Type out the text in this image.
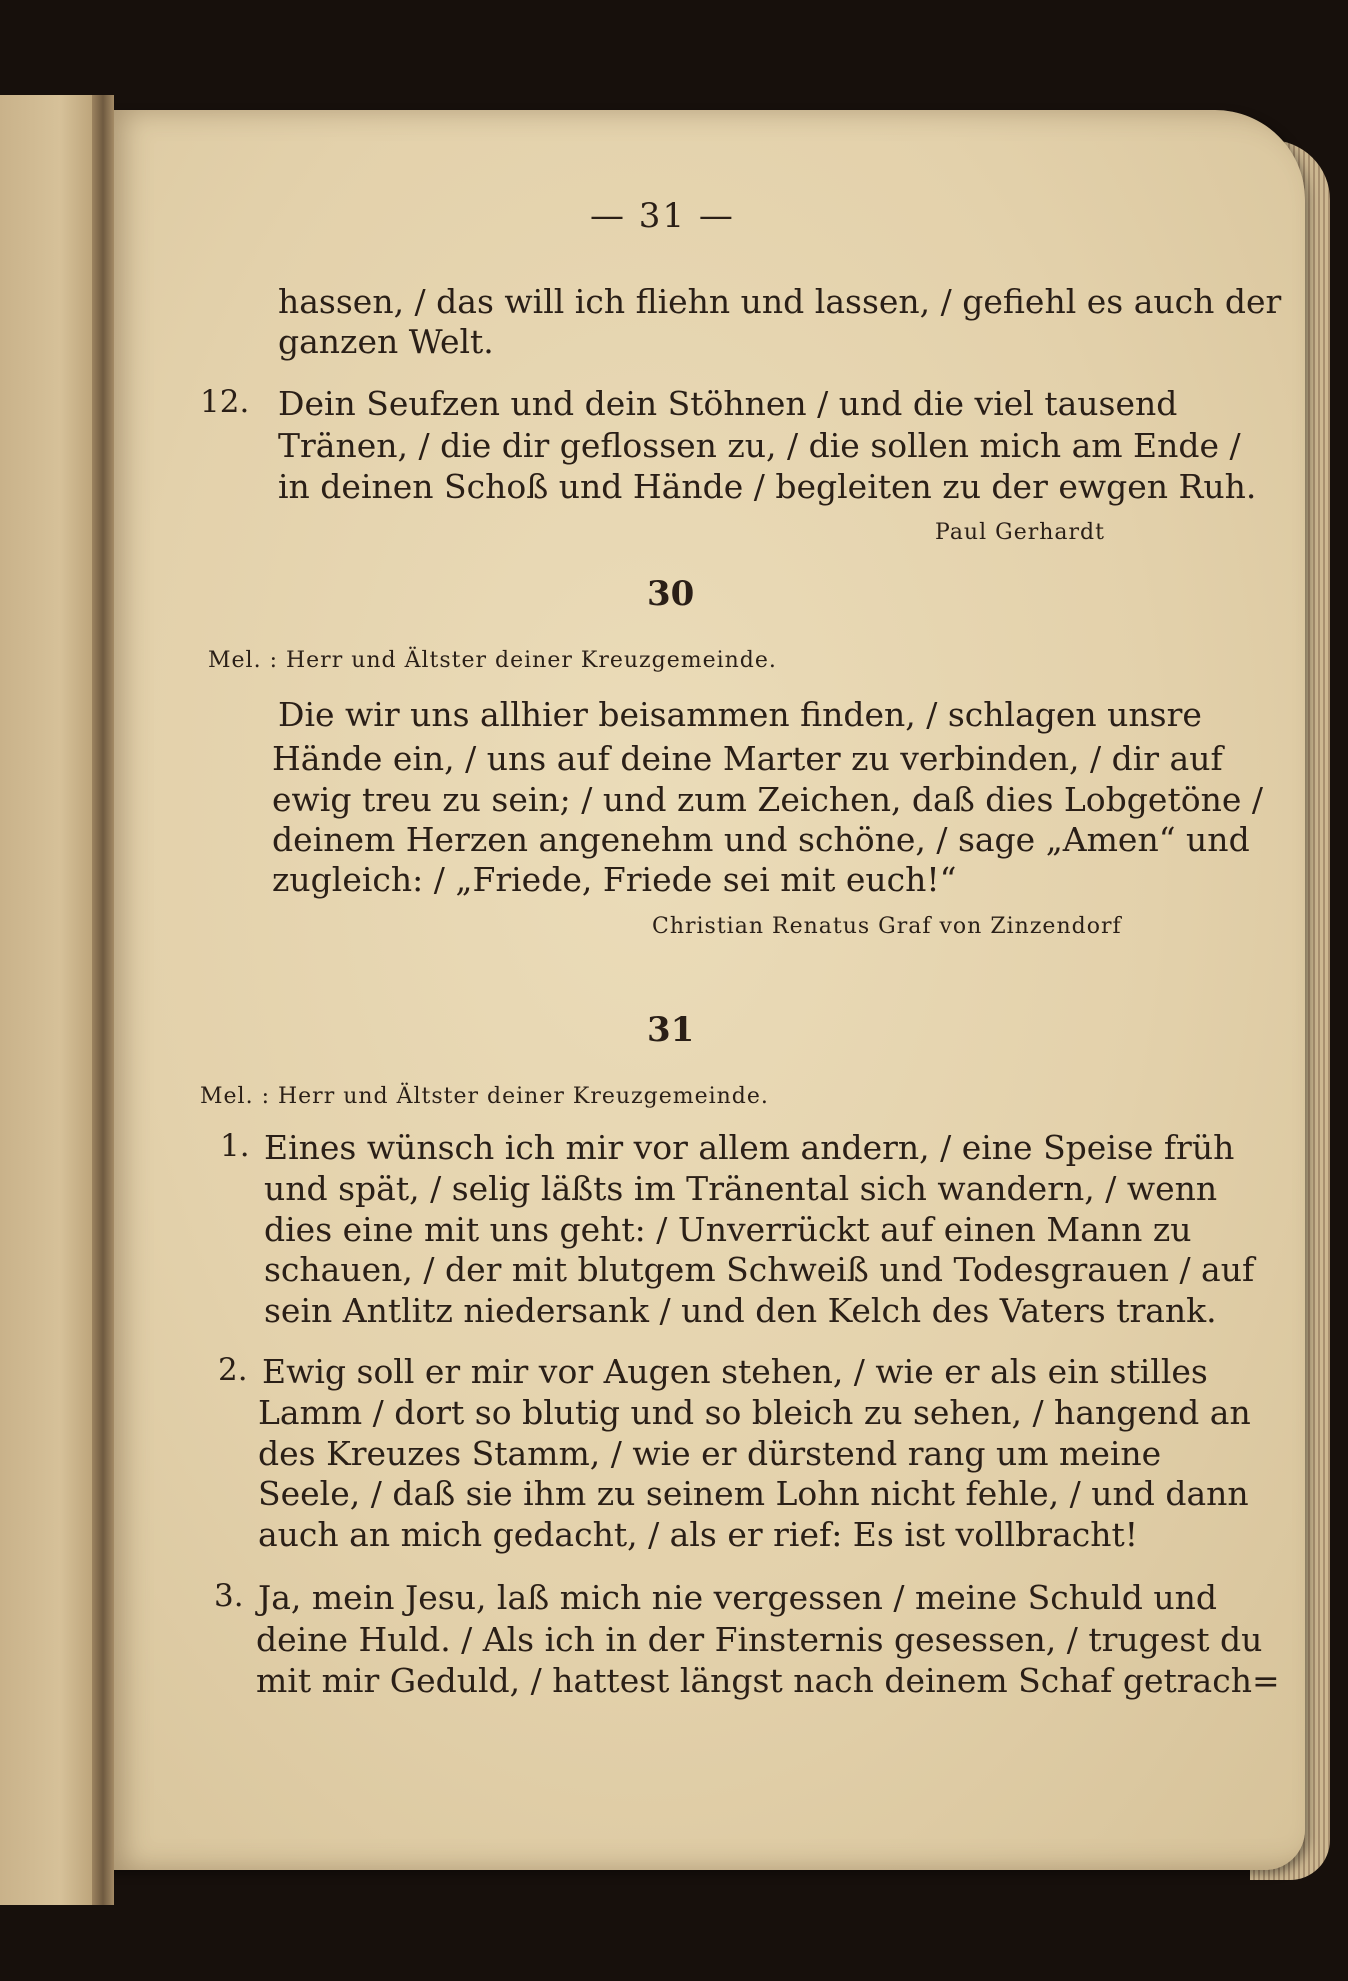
— 31 —
hassen, / das will ich fliehn und lassen, / gefiehl es auch der
ganzen Welt.
12. Dein Seufzen und dein Stöhnen / und die viel tausend
Tränen, / die dir geflossen zu, / die sollen mich am Ende /
in deinen Schoß und Hände / begleiten zu der ewgen Ruh.
Paul Gerhardt
30
Mel. : Herr und Ältster deiner Kreuzgemeinde.
Die wir uns allhier beisammen finden, / schlagen unsre
Hände ein, / uns auf deine Marter zu verbinden, / dir auf
ewig treu zu sein; / und zum Zeichen, daß dies Lobgetöne /
deinem Herzen angenehm und schöne, / sage „Amen“ und
zugleich: / „Friede, Friede sei mit euch!“
Christian Renatus Graf von Zinzendorf
31
Mel. : Herr und Ältster deiner Kreuzgemeinde.
1. Eines wünsch ich mir vor allem andern, / eine Speise früh
und spät, / selig läßts im Tränental sich wandern, / wenn
dies eine mit uns geht: / Unverrückt auf einen Mann zu
schauen, / der mit blutgem Schweiß und Todesgrauen / auf
sein Antlitz niedersank / und den Kelch des Vaters trank.
2. Ewig soll er mir vor Augen stehen, / wie er als ein stilles
Lamm / dort so blutig und so bleich zu sehen, / hangend an
des Kreuzes Stamm, / wie er dürstend rang um meine
Seele, / daß sie ihm zu seinem Lohn nicht fehle, / und dann
auch an mich gedacht, / als er rief: Es ist vollbracht!
3. Ja, mein Jesu, laß mich nie vergessen / meine Schuld und
deine Huld. / Als ich in der Finsternis gesessen, / trugest du
mit mir Geduld, / hattest längst nach deinem Schaf getrach=
